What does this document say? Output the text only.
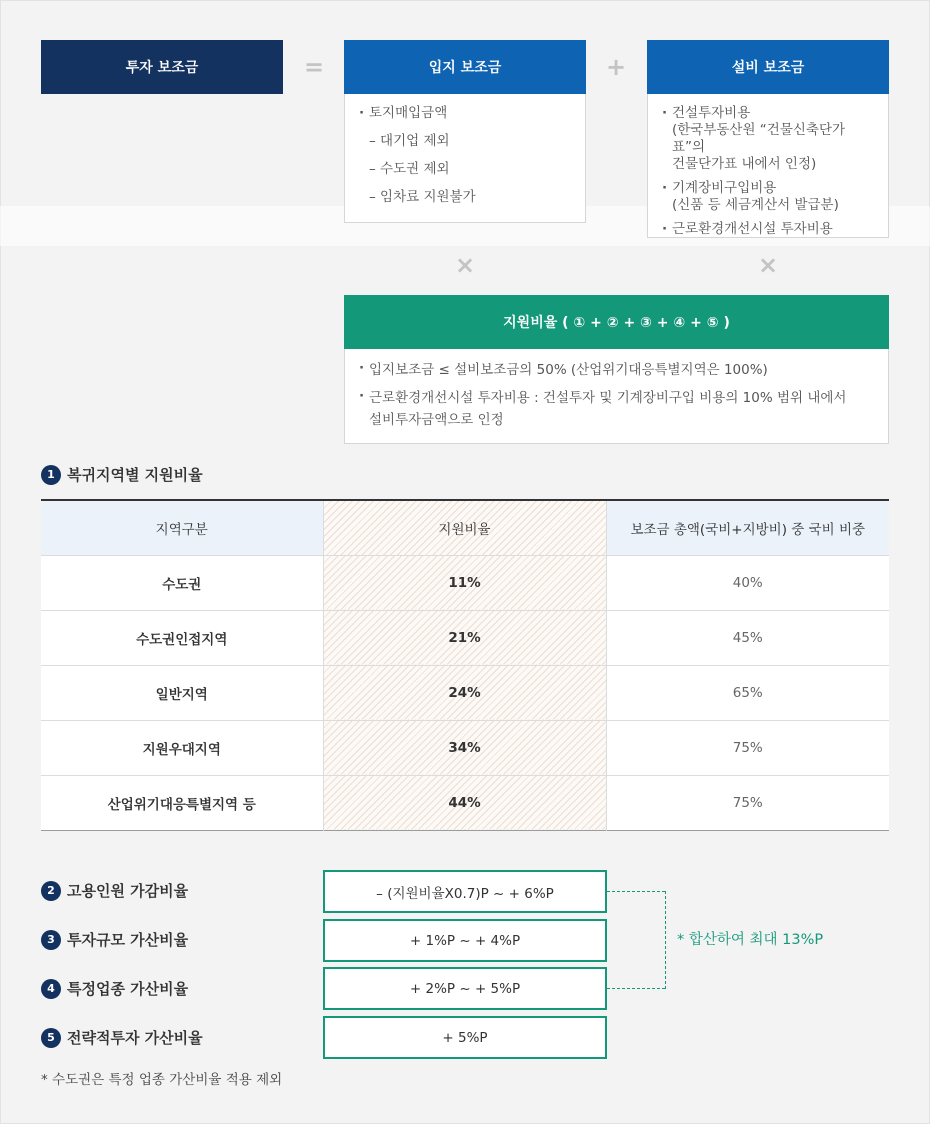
투자 보조금	=	입지 보조금	+	설비 보조금
· 토지매입금액
– 대기업 제외
– 수도권 제외
– 임차료 지원불가
· 건설투자비용
(한국부동산원 “건물신축단가표”의
건물단가표 내에서 인정)
· 기계장비구입비용
(신품 등 세금계산서 발급분)
· 근로환경개선시설 투자비용
×	×
지원비율 ( ① + ② + ③ + ④ + ⑤ )
· 입지보조금 ≤ 설비보조금의 50% (산업위기대응특별지역은 100%)
· 근로환경개선시설 투자비용 : 건설투자 및 기계장비구입 비용의 10% 범위 내에서
설비투자금액으로 인정
1 복귀지역별 지원비율
지역구분	지원비율	보조금 총액(국비+지방비) 중 국비 비중
수도권	11%	40%
수도권인접지역	21%	45%
일반지역	24%	65%
지원우대지역	34%	75%
산업위기대응특별지역 등	44%	75%
2 고용인원 가감비율	– (지원비율X0.7)P ~ + 6%P
3 투자규모 가산비율	+ 1%P ~ + 4%P
4 특정업종 가산비율	+ 2%P ~ + 5%P
5 전략적투자 가산비율	+ 5%P
* 합산하여 최대 13%P
* 수도권은 특정 업종 가산비율 적용 제외
